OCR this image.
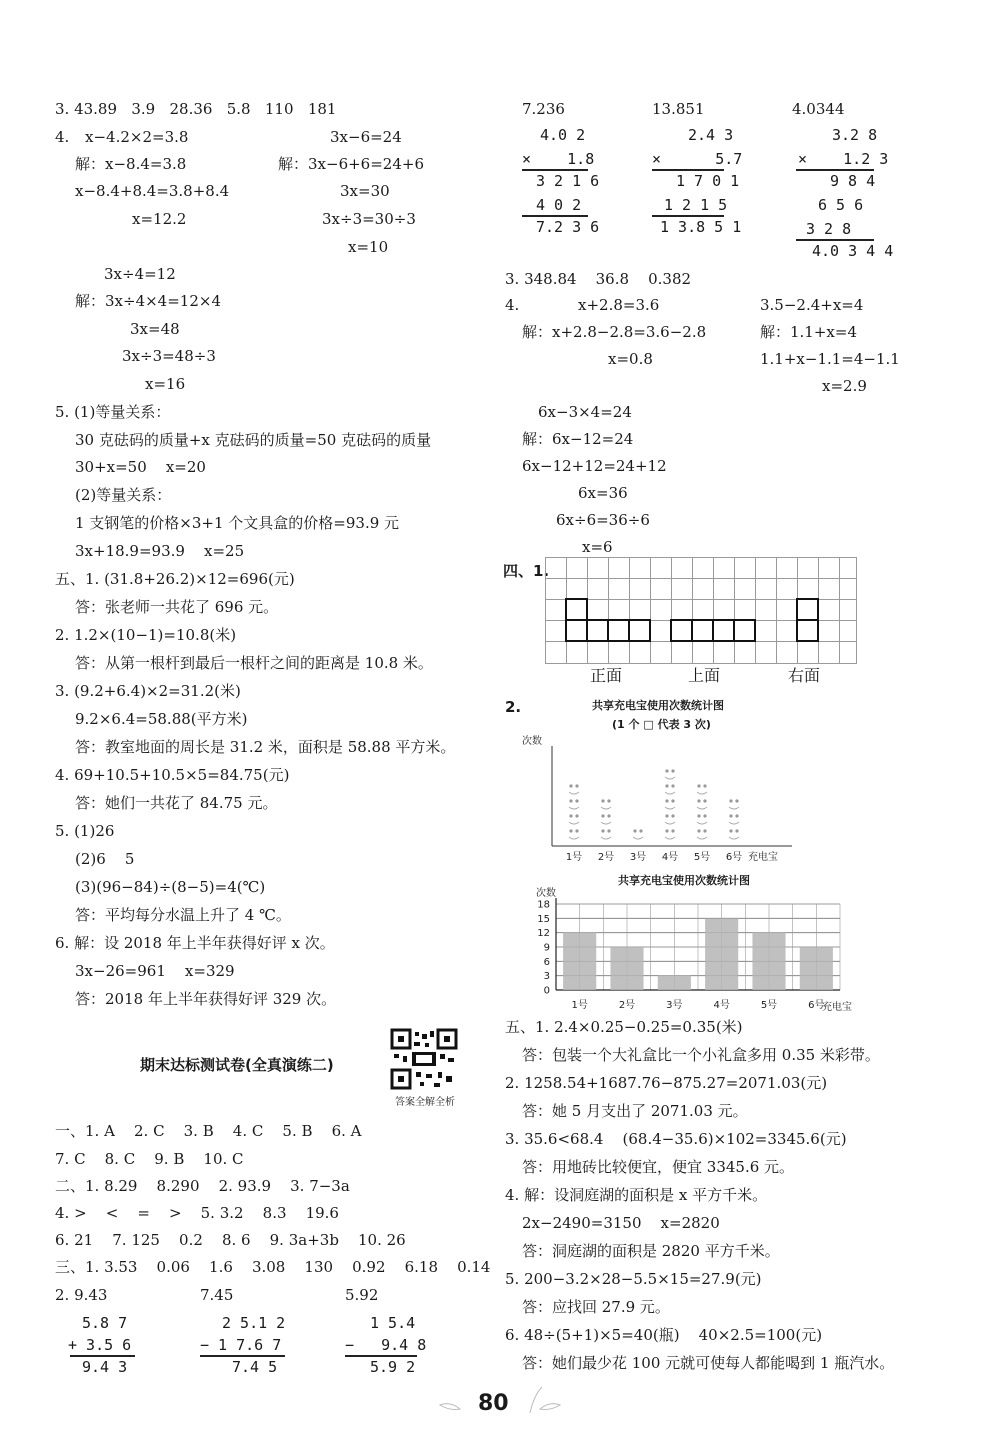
3. 43.89   3.9   28.36   5.8   110   181
4. x−4.2×2=3.8
解：x−8.4=3.8
x−8.4+8.4=3.8+8.4
x=12.2
3x−6=24
解：3x−6+6=24+6
3x=30
3x÷3=30÷3
x=10
3x÷4=12
解：3x÷4×4=12×4
3x=48
3x÷3=48÷3
x=16
5. (1)等量关系：
30 克砝码的质量+x 克砝码的质量=50 克砝码的质量
30+x=50    x=20
(2)等量关系：
1 支钢笔的价格×3+1 个文具盒的价格=93.9 元
3x+18.9=93.9    x=25
五、1. (31.8+26.2)×12=696(元)
答：张老师一共花了 696 元。
2. 1.2×(10−1)=10.8(米)
答：从第一根杆到最后一根杆之间的距离是 10.8 米。
3. (9.2+6.4)×2=31.2(米)
9.2×6.4=58.88(平方米)
答：教室地面的周长是 31.2 米，面积是 58.88 平方米。
4. 69+10.5+10.5×5=84.75(元)
答：她们一共花了 84.75 元。
5. (1)26
(2)6    5
(3)(96−84)÷(8−5)=4(℃)
答：平均每分水温上升了 4 ℃。
6. 解：设 2018 年上半年获得好评 x 次。
3x−26=961    x=329
答：2018 年上半年获得好评 329 次。
期末达标测试卷(全真演练二)
答案全解全析
一、1. A    2. C    3. B    4. C    5. B    6. A
7. C    8. C    9. B    10. C
二、1. 8.29    8.290    2. 93.9    3. 7−3a
4. >    <    =    >    5. 3.2    8.3    19.6
6. 21    7. 125    0.2    8. 6    9. 3a+3b    10. 26
三、1. 3.53    0.06    1.6    3.08    130    0.92    6.18    0.14
2. 9.43	7.45	5.92
5.8 7
+ 3.5 6
9.4 3
2 5.1 2
− 1 7.6 7
7.4 5
1 5.4
−   9.4 8
5.9 2
7.236	13.851	4.0344
4.0 2
×    1.8
3 2 1 6
4 0 2
7.2 3 6
2.4 3
×      5.7
1 7 0 1
1 2 1 5
1 3.8 5 1
3.2 8
×    1.2 3
9 8 4
6 5 6
3 2 8
4.0 3 4 4
3. 348.84    36.8    0.382
4.	x+2.8=3.6
解：x+2.8−2.8=3.6−2.8
x=0.8
3.5−2.4+x=4
解：1.1+x=4
1.1+x−1.1=4−1.1
x=2.9
6x−3×4=24
解：6x−12=24
6x−12+12=24+12
6x=36
6x÷6=36÷6
x=6
四、1.
正面	上面	右面
2.	共享充电宝使用次数统计图
(1 个 □ 代表 3 次)
次数
1号 2号 3号 4号 5号 6号 充电宝
共享充电宝使用次数统计图
次数
0
3
6
9
12
15
18
1号	2号	3号	4号	5号	6号
充电宝
五、1. 2.4×0.25−0.25=0.35(米)
答：包装一个大礼盒比一个小礼盒多用 0.35 米彩带。
2. 1258.54+1687.76−875.27=2071.03(元)
答：她 5 月支出了 2071.03 元。
3. 35.6<68.4    (68.4−35.6)×102=3345.6(元)
答：用地砖比较便宜，便宜 3345.6 元。
4. 解：设洞庭湖的面积是 x 平方千米。
2x−2490=3150    x=2820
答：洞庭湖的面积是 2820 平方千米。
5. 200−3.2×28−5.5×15=27.9(元)
答：应找回 27.9 元。
6. 48÷(5+1)×5=40(瓶)    40×2.5=100(元)
答：她们最少花 100 元就可使每人都能喝到 1 瓶汽水。
80
